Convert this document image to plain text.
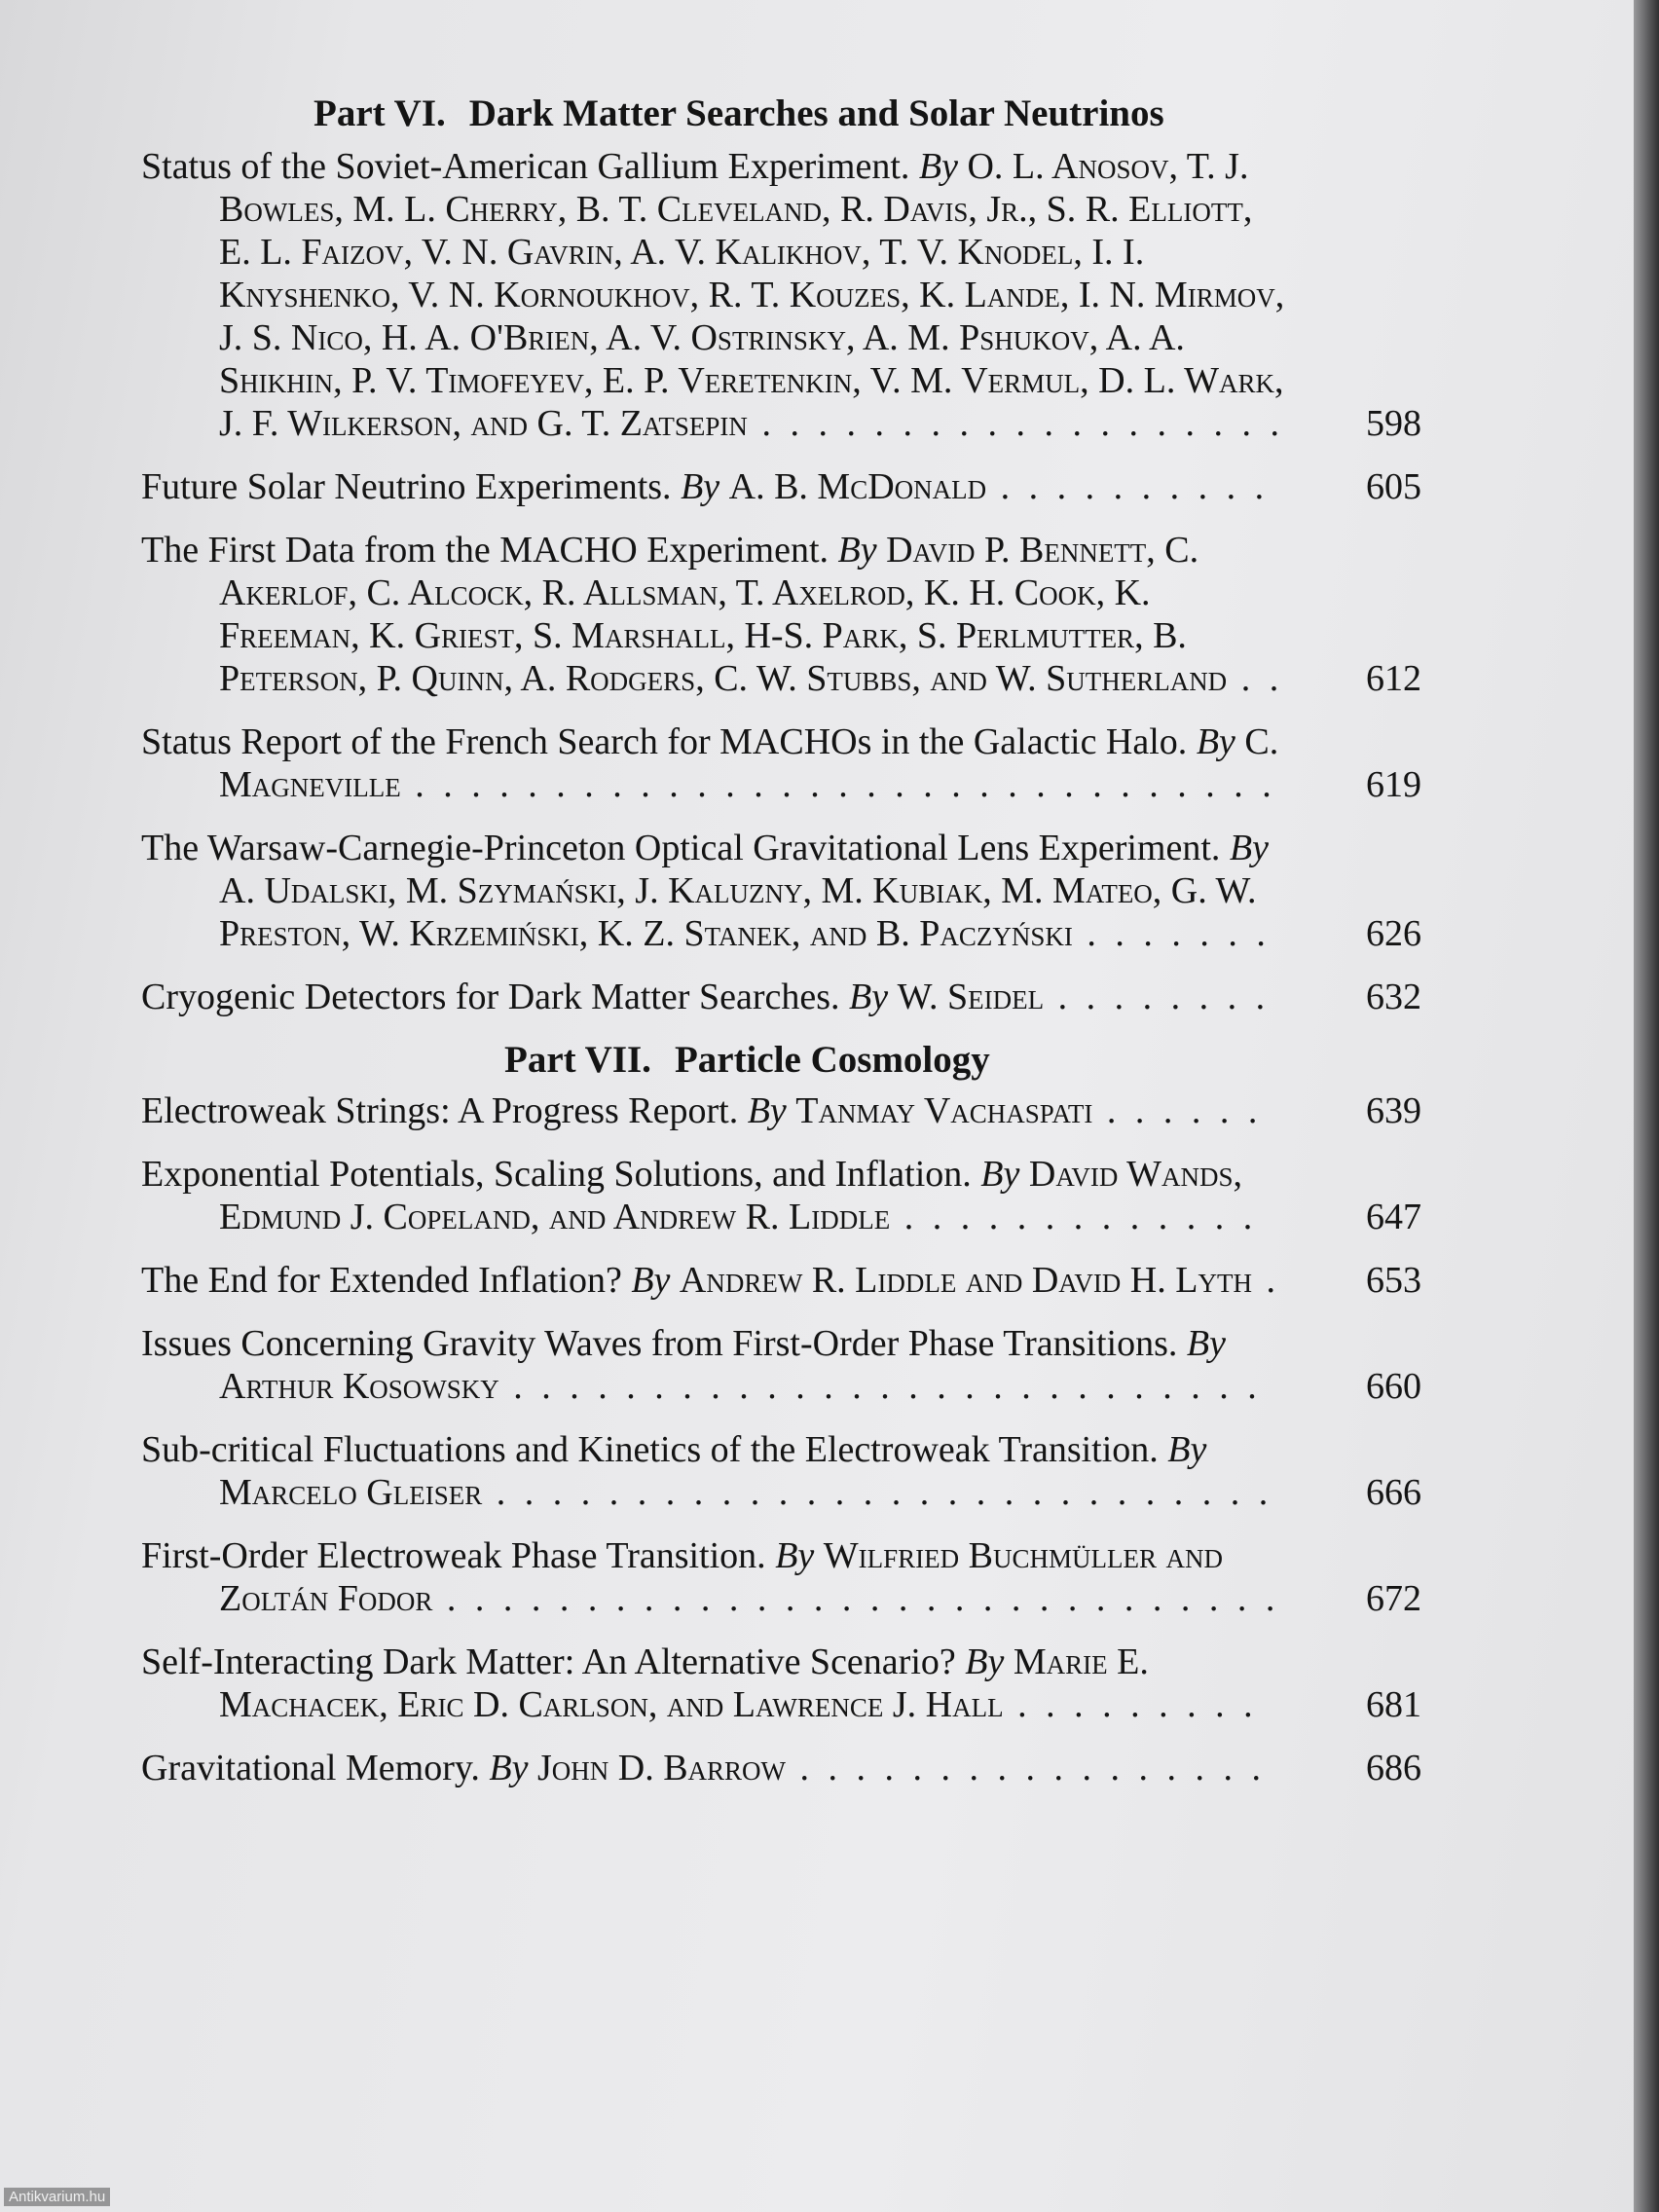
Part VI. Dark Matter Searches and Solar Neutrinos

Status of the Soviet-American Gallium Experiment. By O. L. Anosov, T. J. Bowles, M. L. Cherry, B. T. Cleveland, R. Davis, Jr., S. R. Elliott, E. L. Faizov, V. N. Gavrin, A. V. Kalikhov, T. V. Knodel, I. I. Knyshenko, V. N. Kornoukhov, R. T. Kouzes, K. Lande, I. N. Mirmov, J. S. Nico, H. A. O'Brien, A. V. Ostrinsky, A. M. Pshukov, A. A. Shikhin, P. V. Timofeyev, E. P. Veretenkin, V. M. Vermul, D. L. Wark, J. F. Wilkerson, and G. T. Zatsepin . . . . . . . . . . . . . . . . . . .	598

Future Solar Neutrino Experiments. By A. B. McDonald . . . . . . . . . .	605

The First Data from the MACHO Experiment. By David P. Bennett, C. Akerlof, C. Alcock, R. Allsman, T. Axelrod, K. H. Cook, K. Freeman, K. Griest, S. Marshall, H-S. Park, S. Perlmutter, B. Peterson, P. Quinn, A. Rodgers, C. W. Stubbs, and W. Sutherland . .	612

Status Report of the French Search for MACHOs in the Galactic Halo. By C. Magneville . . . . . . . . . . . . . . . . . . . . . . . . . . . . . . .	619

The Warsaw-Carnegie-Princeton Optical Gravitational Lens Experiment. By A. Udalski, M. Szymański, J. Kaluzny, M. Kubiak, M. Mateo, G. W. Preston, W. Krzemiński, K. Z. Stanek, and B. Paczyński . . . . . . .	626

Cryogenic Detectors for Dark Matter Searches. By W. Seidel . . . . . . . .	632

Part VII. Particle Cosmology

Electroweak Strings: A Progress Report. By Tanmay Vachaspati . . . . . .	639

Exponential Potentials, Scaling Solutions, and Inflation. By David Wands, Edmund J. Copeland, and Andrew R. Liddle . . . . . . . . . . . . .	647

The End for Extended Inflation? By Andrew R. Liddle and David H. Lyth .	653

Issues Concerning Gravity Waves from First-Order Phase Transitions. By Arthur Kosowsky . . . . . . . . . . . . . . . . . . . . . . . . . . .	660

Sub-critical Fluctuations and Kinetics of the Electroweak Transition. By Marcelo Gleiser . . . . . . . . . . . . . . . . . . . . . . . . . . . .	666

First-Order Electroweak Phase Transition. By Wilfried Buchmüller and Zoltán Fodor . . . . . . . . . . . . . . . . . . . . . . . . . . . . . .	672

Self-Interacting Dark Matter: An Alternative Scenario? By Marie E. Machacek, Eric D. Carlson, and Lawrence J. Hall . . . . . . . . .	681

Gravitational Memory. By John D. Barrow . . . . . . . . . . . . . . . . .	686

Antikvarium.hu
